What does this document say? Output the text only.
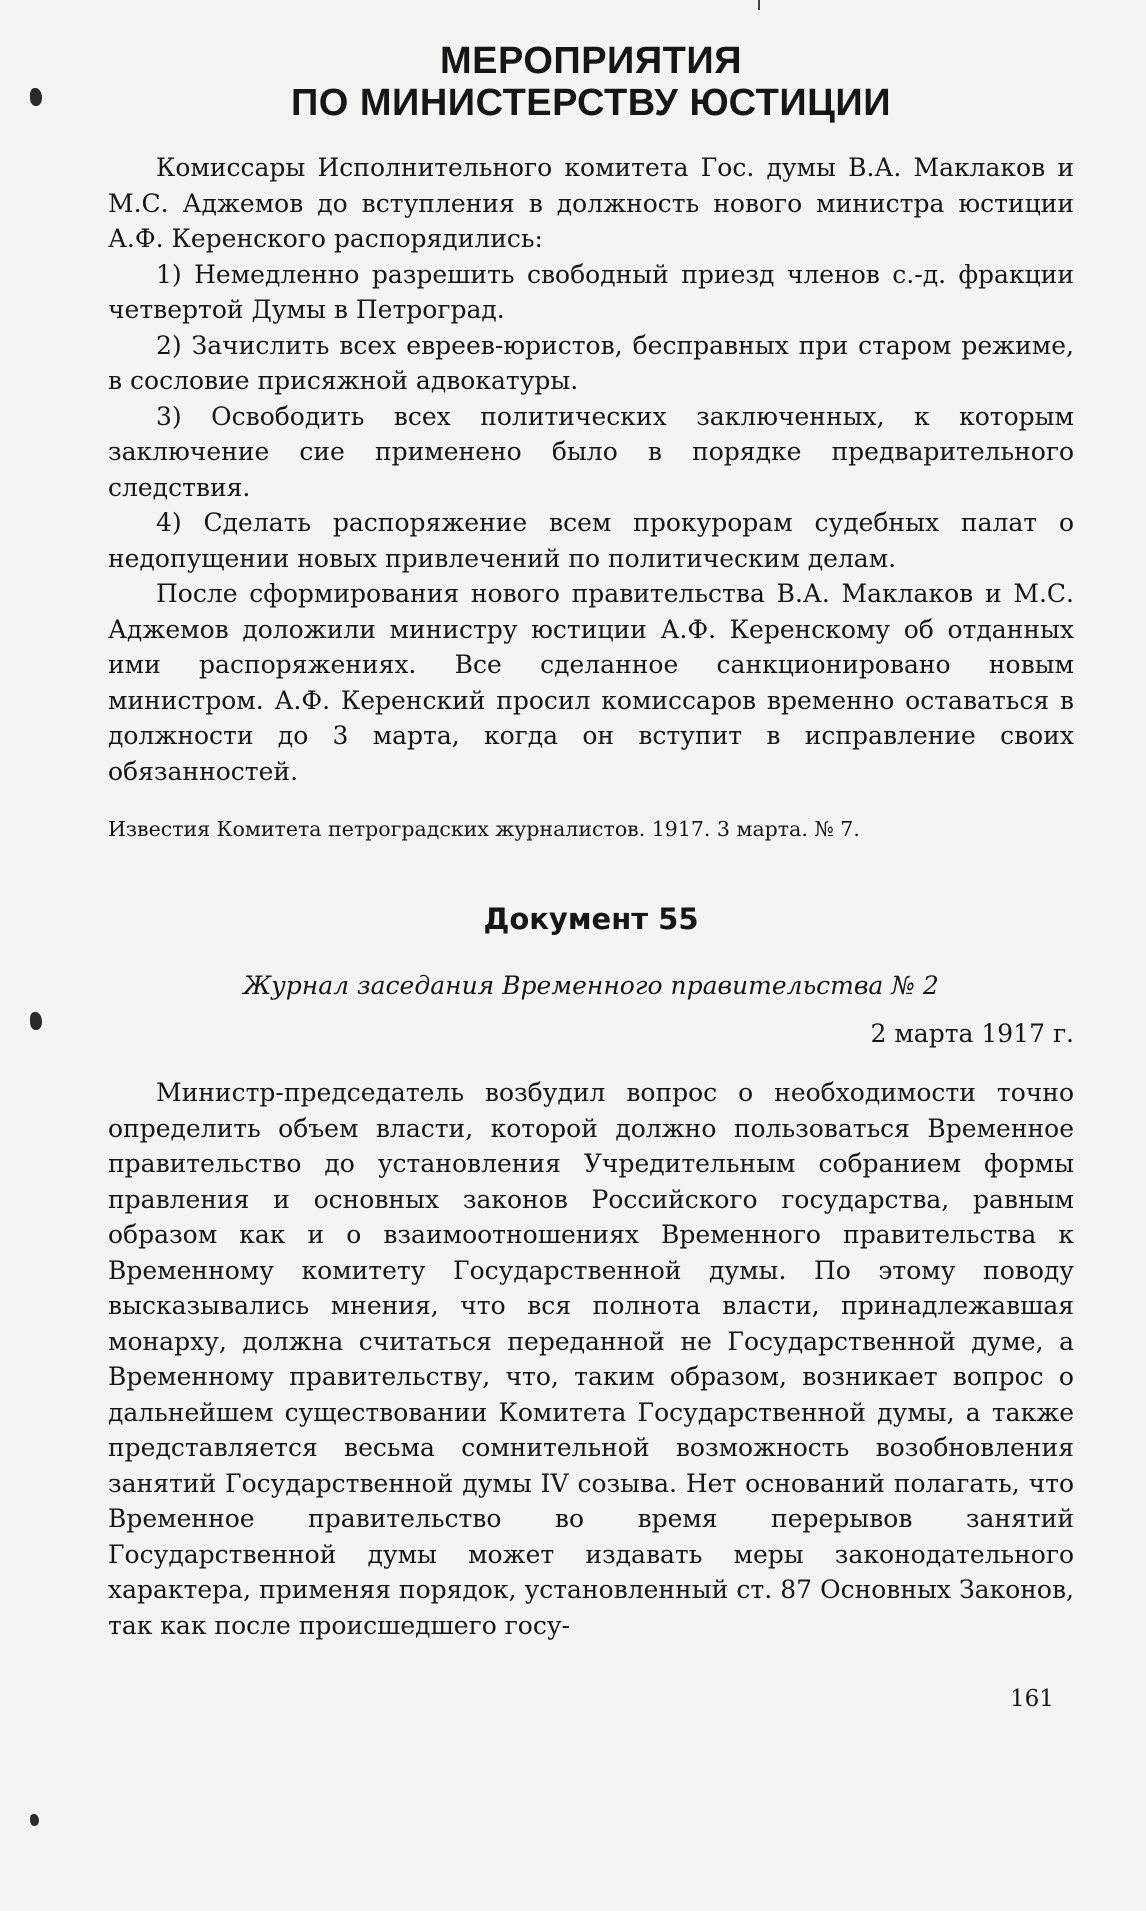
МЕРОПРИЯТИЯ
ПО МИНИСТЕРСТВУ ЮСТИЦИИ

Комиссары Исполнительного комитета Гос. думы В.А. Маклаков и М.С. Аджемов до вступления в должность нового министра юстиции А.Ф. Керенского распорядились:

1) Немедленно разрешить свободный приезд членов с.-д. фракции четвертой Думы в Петроград.

2) Зачислить всех евреев-юристов, бесправных при старом режиме, в сословие присяжной адвокатуры.

3) Освободить всех политических заключенных, к которым заключение сие применено было в порядке предварительного следствия.

4) Сделать распоряжение всем прокурорам судебных палат о недопущении новых привлечений по политическим делам.

После сформирования нового правительства В.А. Маклаков и М.С. Аджемов доложили министру юстиции А.Ф. Керенскому об отданных ими распоряжениях. Все сделанное санкционировано новым министром. А.Ф. Керенский просил комиссаров временно оставаться в должности до 3 марта, когда он вступит в исправление своих обязанностей.

Известия Комитета петроградских журналистов. 1917. 3 марта. № 7.

Документ 55

Журнал заседания Временного правительства № 2

2 марта 1917 г.

Министр-председатель возбудил вопрос о необходимости точно определить объем власти, которой должно пользоваться Временное правительство до установления Учредительным собранием формы правления и основных законов Российского государства, равным образом как и о взаимоотношениях Временного правительства к Временному комитету Государственной думы. По этому поводу высказывались мнения, что вся полнота власти, принадлежавшая монарху, должна считаться переданной не Государственной думе, а Временному правительству, что, таким образом, возникает вопрос о дальнейшем существовании Комитета Государственной думы, а также представляется весьма сомнительной возможность возобновления занятий Государственной думы IV созыва. Нет оснований полагать, что Временное правительство во время перерывов занятий Государственной думы может издавать меры законодательного характера, применяя порядок, установленный ст. 87 Основных Законов, так как после происшедшего госу-

161
